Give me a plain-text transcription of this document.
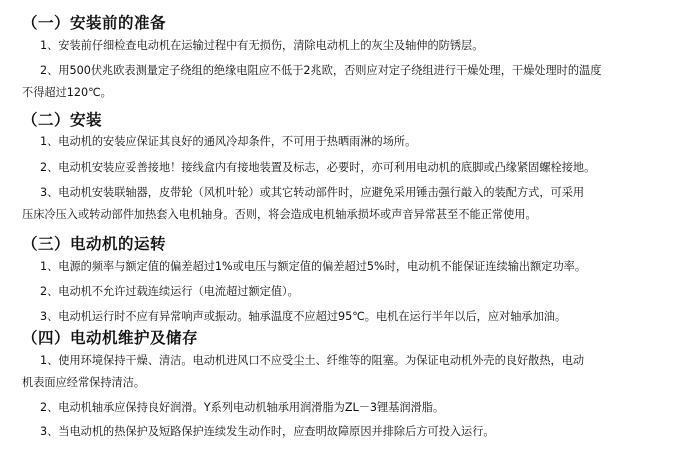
（一）安装前的准备
1、安装前仔细检查电动机在运输过程中有无损伤，清除电动机上的灰尘及轴伸的防锈层。
2、用500伏兆欧表测量定子绕组的绝缘电阻应不低于2兆欧，否则应对定子绕组进行干燥处理，干燥处理时的温度
不得超过120℃。
（二）安装
1、电动机的安装应保证其良好的通风冷却条件，不可用于热晒雨淋的场所。
2、电动机安装应妥善接地！接线盒内有接地装置及标志，必要时，亦可利用电动机的底脚或凸缘紧固螺栓接地。
3、电动机安装联轴器，皮带轮（风机叶轮）或其它转动部件时，应避免采用锤击强行敲入的装配方式，可采用
压床冷压入或转动部件加热套入电机轴身。否则，将会造成电机轴承损坏或声音异常甚至不能正常使用。
（三）电动机的运转
1、电源的频率与额定值的偏差超过1%或电压与额定值的偏差超过5%时，电动机不能保证连续输出额定功率。
2、电动机不允许过载连续运行（电流超过额定值）。
3、电动机运行时不应有异常响声或振动。轴承温度不应超过95℃。电机在运行半年以后，应对轴承加油。
（四）电动机维护及储存
1、使用环境保持干燥、清洁。电动机进风口不应受尘土、纤维等的阻塞。为保证电动机外壳的良好散热，电动
机表面应经常保持清洁。
2、电动机轴承应保持良好润滑。Y系列电动机轴承用润滑脂为ZL－3锂基润滑脂。
3、当电动机的热保护及短路保护连续发生动作时，应查明故障原因并排除后方可投入运行。
